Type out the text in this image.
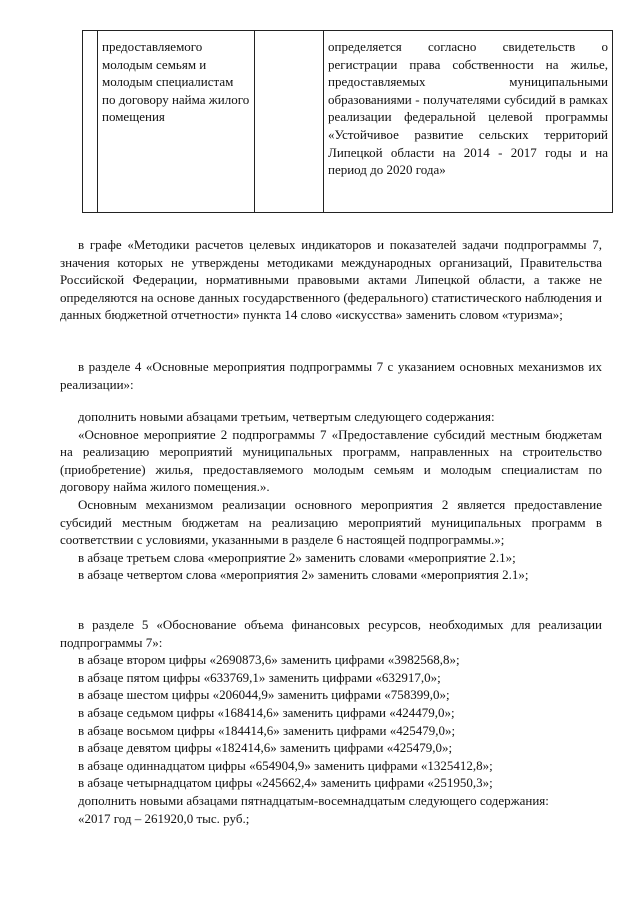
	предоставляемого молодым семьям и молодым специалистам по договору найма жилого помещения		определяется согласно свидетельств о регистрации права собственности на жилье, предоставляемых муниципальными образованиями - получателями субсидий в рамках реализации федеральной целевой программы «Устойчивое развитие сельских территорий Липецкой области на 2014 - 2017 годы и на период до 2020 года»

в графе «Методики расчетов целевых индикаторов и показателей задачи подпрограммы 7, значения которых не утверждены методиками международных организаций, Правительства Российской Федерации, нормативными правовыми актами Липецкой области, а также не определяются на основе данных государственного (федерального) статистического наблюдения и данных бюджетной отчетности» пункта 14 слово «искусства» заменить словом «туризма»;

в разделе 4 «Основные мероприятия подпрограммы 7 с указанием основных механизмов их реализации»:

дополнить новыми абзацами третьим, четвертым следующего содержания:

«Основное мероприятие 2 подпрограммы 7 «Предоставление субсидий местным бюджетам на реализацию мероприятий муниципальных программ, направленных на строительство (приобретение) жилья, предоставляемого молодым семьям и молодым специалистам по договору найма жилого помещения.».

Основным механизмом реализации основного мероприятия 2 является предоставление субсидий местным бюджетам на реализацию мероприятий муниципальных программ в соответствии с условиями, указанными в разделе 6 настоящей подпрограммы.»;

в абзаце третьем слова «мероприятие 2» заменить словами «мероприятие 2.1»;

в абзаце четвертом слова «мероприятия 2» заменить словами «мероприятия 2.1»;

в разделе 5 «Обоснование объема финансовых ресурсов, необходимых для реализации подпрограммы 7»:

в абзаце втором цифры «2690873,6» заменить цифрами «3982568,8»;

в абзаце пятом цифры «633769,1» заменить цифрами «632917,0»;

в абзаце шестом цифры «206044,9» заменить цифрами «758399,0»;

в абзаце седьмом цифры «168414,6» заменить цифрами «424479,0»;

в абзаце восьмом цифры «184414,6» заменить цифрами «425479,0»;

в абзаце девятом цифры «182414,6» заменить цифрами «425479,0»;

в абзаце одиннадцатом цифры «654904,9» заменить цифрами «1325412,8»;

в абзаце четырнадцатом цифры «245662,4» заменить цифрами «251950,3»;

дополнить новыми абзацами пятнадцатым-восемнадцатым следующего содержания:

«2017 год – 261920,0 тыс. руб.;
